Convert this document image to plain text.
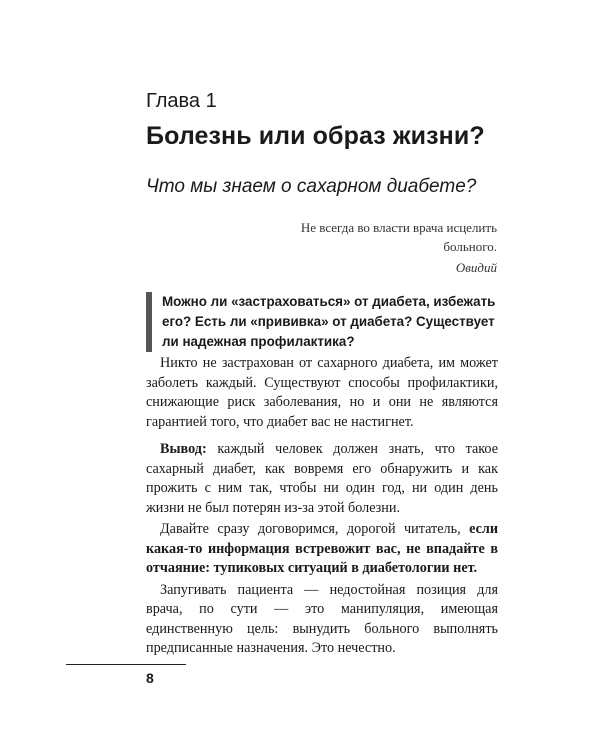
Глава 1
Болезнь или образ жизни?
Что мы знаем о сахарном диабете?
Не всегда во власти врача исцелить
больного.
Овидий
Можно ли «застраховаться» от диабета, избежать его? Есть ли «прививка» от диабета? Существует ли надежная профилактика?

Никто не застрахован от сахарного диабета, им может заболеть каждый. Существуют способы профилактики, снижающие риск заболевания, но и они не являются гарантией того, что диабет вас не настигнет.

Вывод: каждый человек должен знать, что такое сахарный диабет, как вовремя его обнаружить и как прожить с ним так, чтобы ни один год, ни один день жизни не был потерян из-за этой болезни.

Давайте сразу договоримся, дорогой читатель, если какая-то информация встревожит вас, не впадайте в отчаяние: тупиковых ситуаций в диабетологии нет.

Запугивать пациента — недостойная позиция для врача, по сути — это манипуляция, имеющая единственную цель: вынудить больного выполнять предписанные назначения. Это нечестно.

8
